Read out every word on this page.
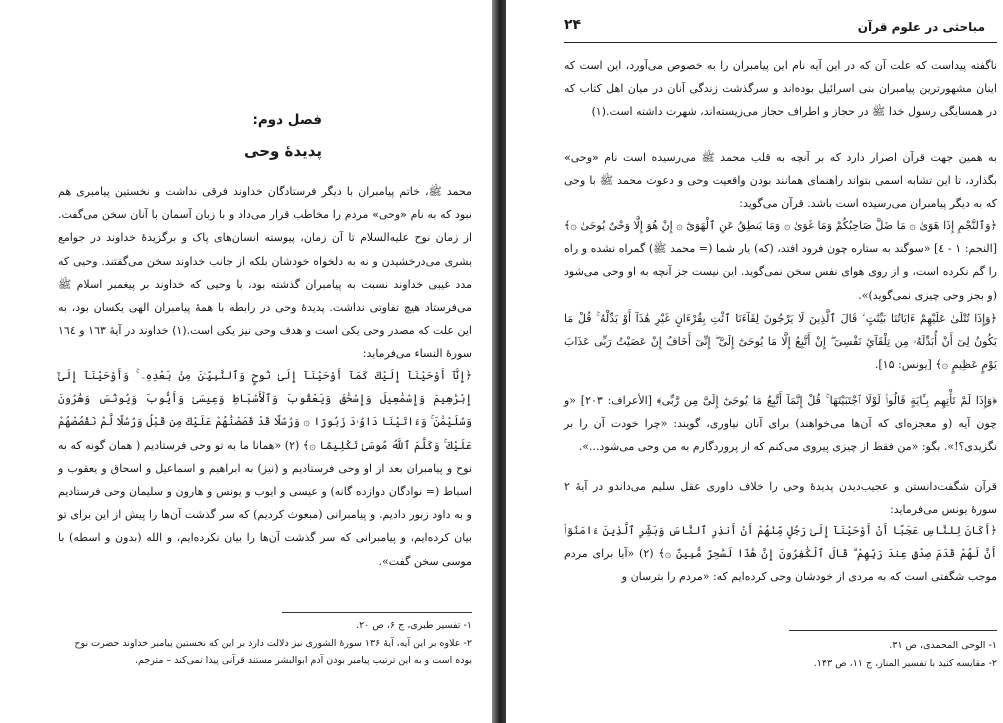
فصل دوم:

پديدۀ وحى

محمد ﷺ، خاتم پيامبران با ديگر فرستادگان خداوند فرقى نداشت و نخستين پيامبرى هم نبود كه به نام «وحى» مردم را مخاطب قرار مى‌داد و با زبان آسمان با آنان سخن مى‌گفت. از زمان نوح عليه‌السلام تا آن زمان، پيوسته انسان‌هاى پاک و برگزيدۀ خداوند در جوامع بشرى مى‌درخشيدن و نه به دلخواه خودشان بلكه از جانب خداوند سخن مى‌گفتند. وحيى كه مدد غيبى خداوند نسبت به پيامبران گذشته بود، با وحيى كه خداوند بر پيغمبر اسلام ﷺ مى‌فرستاد هيچ تفاوتى نداشت. پديدۀ وحى در رابطه با همۀ پيامبران الهى يكسان بود، به اين علت كه مصدر وحى يكى است و هدف وحى نيز يكى است.(١) خداوند در آيۀ ١٦٣ و ١٦٤ سورۀ النساء مى‌فرمايد:

﴿إِنَّآ أَوْحَيْنَآ إِلَيْكَ كَمَآ أَوْحَيْنَآ إِلَىٰ نُوحٍ وَٱلنَّبِيِّـۧنَ مِنۢ بَعْدِهِۦ ۚ وَأَوْحَيْنَآ إِلَىٰٓ إِبْرَٰهِيمَ وَإِسْمَٰعِيلَ وَإِسْحَٰقَ وَيَعْقُوبَ وَٱلْأَسْبَاطِ وَعِيسَىٰ وَأَيُّوبَ وَيُونُسَ وَهَٰرُونَ وَسُلَيْمَٰنَ ۚ وَءَاتَيْنَا دَاوُۥدَ زَبُورًا ۞ وَرُسُلًا قَدْ قَصَصْنَٰهُمْ عَلَيْكَ مِن قَبْلُ وَرُسُلًا لَّمْ نَقْصُصْهُمْ عَلَيْكَ ۚ وَكَلَّمَ ٱللَّهُ مُوسَىٰ تَكْلِيمًا ۞﴾ (٢) «همانا ما به تو وحى فرستاديم ( همان گونه كه به نوح و پيامبران بعد از او وحى فرستاديم و (نيز) به ابراهيم و اسماعيل و اسحاق و يعقوب و اسباط (= نوادگان دوازده گانه) و عيسى و ايوب و يونس و هارون و سليمان وحى فرستاديم و به داود زبور داديم. و پيامبرانى (مبعوث كرديم) كه سر گذشت آن‌ها را پيش از اين براى تو بيان كرده‌ايم، و پيامبرانى كه سر گذشت آن‌ها را بيان نكرده‌ايم، و الله (بدون و اسطه) با موسى سخن گفت».

١- تفسير طبرى، ج ۶، ص ٢٠.

٢- علاوه بر اين آيه، آيۀ ١٣۶ سورۀ الشورى نيز دلالت دارد بر اين كه نخستين پيامبر خداوند حضرت نوح بوده است و به اين ترتيب پيامبر بودن آدم ابوالبشر مستند قرآنى پيدا نمى‌كند – مترجم.

٢۴	مباحثى در علوم قرآن

ناگفته پيداست كه علت آن كه در اين آيه نام اين پيامبران را به خصوص مى‌آورد، اين است كه اينان مشهورترين پيامبران بنى اسرائيل بوده‌اند و سرگذشت زندگى آنان در ميان اهل كتاب كه در همسايگى رسول خدا ﷺ در حجاز و اطراف حجاز مى‌زيسته‌اند، شهرت داشته است.(١)

به همين جهت قرآن اصرار دارد كه بر آنچه به قلب محمد ﷺ مى‌رسيده است نام «وحى» بگذارد، تا اين تشابه اسمى بتواند راهنماى همانند بودن واقعيت وحى و دعوت محمد ﷺ با وحى كه به ديگر پيامبران مى‌رسيده است باشد. قرآن مى‌گويد:

﴿وَٱلنَّجْمِ إِذَا هَوَىٰ ۞ مَا ضَلَّ صَاحِبُكُمْ وَمَا غَوَىٰ ۞ وَمَا يَنطِقُ عَنِ ٱلْهَوَىٰٓ ۞ إِنْ هُوَ إِلَّا وَحْىٌ يُوحَىٰ ۞﴾ [النجم: ١ - ٤] «سوگند به ستاره چون فرود افتد، (كه) يار شما (= محمد ﷺ) گمراه نشده و راه را گم نكرده است، و از روى هواى نفس سخن نمى‌گويد. اين نيست جز آنچه به او وحى مى‌شود (و بجز وحى چيزى نمى‌گويد)».

﴿وَإِذَا تُتْلَىٰ عَلَيْهِمْ ءَايَاتُنَا بَيِّنَٰتٍ ۙ قَالَ ٱلَّذِينَ لَا يَرْجُونَ لِقَآءَنَا ٱئْتِ بِقُرْءَانٍ غَيْرِ هَٰذَآ أَوْ بَدِّلْهُ ۚ قُلْ مَا يَكُونُ لِىٓ أَنْ أُبَدِّلَهُۥ مِن تِلْقَآئِ نَفْسِىٓ ۖ إِنْ أَتَّبِعُ إِلَّا مَا يُوحَىٰٓ إِلَىَّ ۖ إِنِّىٓ أَخَافُ إِنْ عَصَيْتُ رَبِّى عَذَابَ يَوْمٍ عَظِيمٍ ۞﴾ [يونس: ١۵].

﴿وَإِذَا لَمْ تَأْتِهِم بِـَٔايَةٍ قَالُوا۟ لَوْلَا ٱجْتَبَيْتَهَا ۚ قُلْ إِنَّمَآ أَتَّبِعُ مَا يُوحَىٰٓ إِلَىَّ مِن رَّبِّى﴾ [الأعراف: ٢٠٣] «و چون آيه (و معجزه‌اى كه آن‌ها مى‌خواهند) براى آنان نياورى، گويند: «چرا خودت آن را بر نگزيدى؟!». بگو: «من فقط از چيزى پيروى مى‌كنم كه از پروردگارم به من وحى مى‌شود...».

قرآن شگفت‌دانستن و عجيب‌ديدن پديدۀ وحى را خلاف داورى عقل سليم مى‌داندو در آيۀ ٢ سورۀ يونس مى‌فرمايد:

﴿أَكَانَ لِلنَّاسِ عَجَبًا أَنْ أَوْحَيْنَآ إِلَىٰ رَجُلٍ مِّنْهُمْ أَنْ أَنذِرِ ٱلنَّاسَ وَبَشِّرِ ٱلَّذِينَ ءَامَنُوٓا۟ أَنَّ لَهُمْ قَدَمَ صِدْقٍ عِندَ رَبِّهِمْ ۗ قَالَ ٱلْكَٰفِرُونَ إِنَّ هَٰذَا لَسَٰحِرٌ مُّبِينٌ ۞﴾ (٢) «آيا براى مردم موجب شگفتى است كه به مردى از خودشان وحى كرده‌ايم كه: «مردم را بترسان و

١- الوحى المحمدى، ص ٣١.

٢- مقايسه كنيد با تفسير المنار، ج ١١، ص ١۴٣.
